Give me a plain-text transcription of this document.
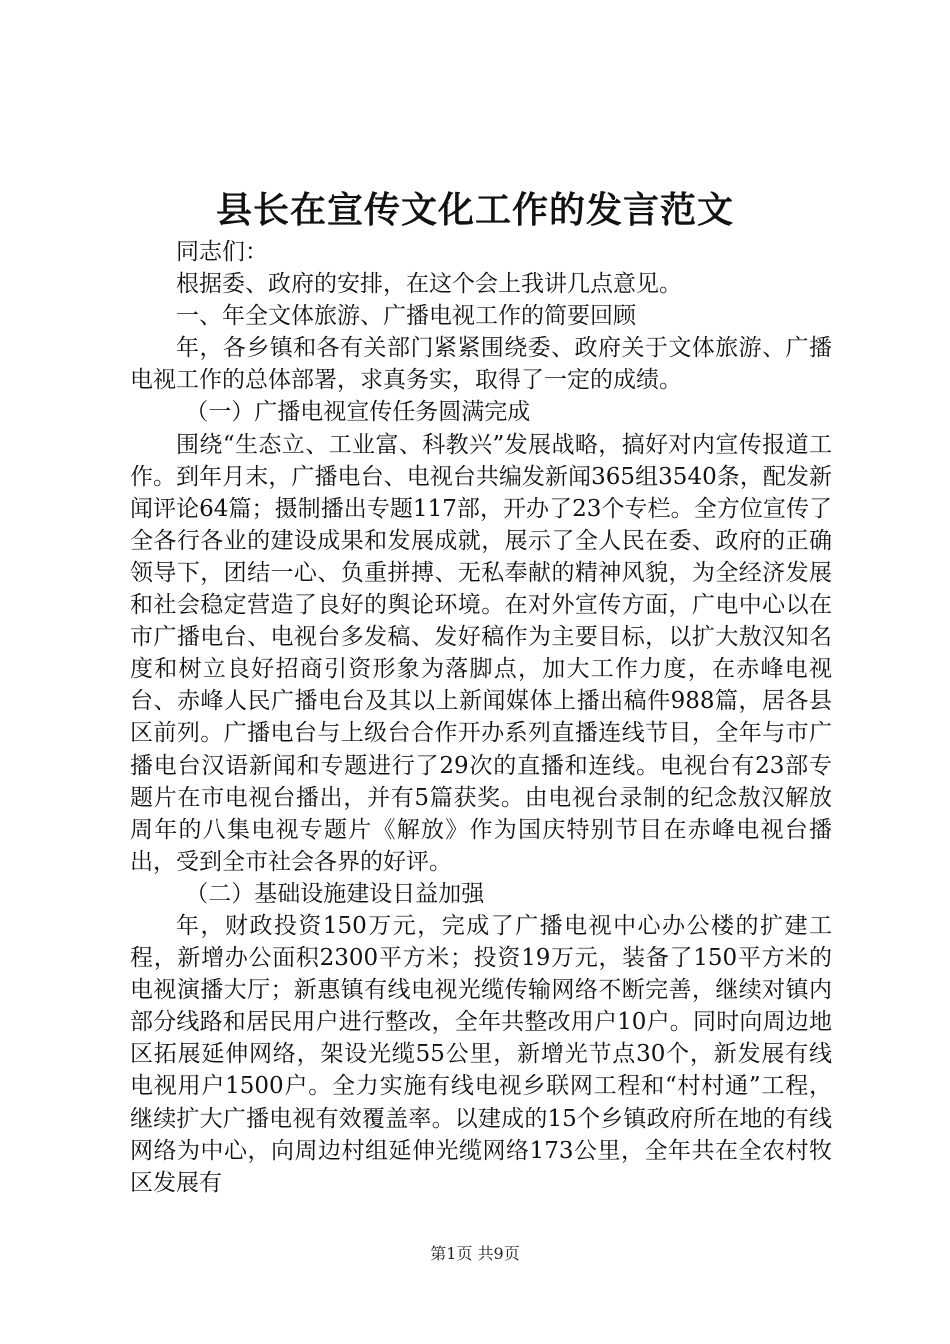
县长在宣传文化工作的发言范文

同志们：

根据委、政府的安排，在这个会上我讲几点意见。

一、年全文体旅游、广播电视工作的简要回顾

年，各乡镇和各有关部门紧紧围绕委、政府关于文体旅游、广播电视工作的总体部署，求真务实，取得了一定的成绩。

（一）广播电视宣传任务圆满完成

围绕“生态立、工业富、科教兴”发展战略，搞好对内宣传报道工作。到年月末，广播电台、电视台共编发新闻365组3540条，配发新闻评论64篇；摄制播出专题117部，开办了23个专栏。全方位宣传了全各行各业的建设成果和发展成就，展示了全人民在委、政府的正确领导下，团结一心、负重拼搏、无私奉献的精神风貌，为全经济发展和社会稳定营造了良好的舆论环境。在对外宣传方面，广电中心以在市广播电台、电视台多发稿、发好稿作为主要目标，以扩大敖汉知名度和树立良好招商引资形象为落脚点，加大工作力度，在赤峰电视台、赤峰人民广播电台及其以上新闻媒体上播出稿件988篇，居各县区前列。广播电台与上级台合作开办系列直播连线节目，全年与市广播电台汉语新闻和专题进行了29次的直播和连线。电视台有23部专题片在市电视台播出，并有5篇获奖。由电视台录制的纪念敖汉解放周年的八集电视专题片《解放》作为国庆特别节目在赤峰电视台播出，受到全市社会各界的好评。

（二）基础设施建设日益加强

年，财政投资150万元，完成了广播电视中心办公楼的扩建工程，新增办公面积2300平方米；投资19万元，装备了150平方米的电视演播大厅；新惠镇有线电视光缆传输网络不断完善，继续对镇内部分线路和居民用户进行整改，全年共整改用户10户。同时向周边地区拓展延伸网络，架设光缆55公里，新增光节点30个，新发展有线电视用户1500户。全力实施有线电视乡联网工程和“村村通”工程，继续扩大广播电视有效覆盖率。以建成的15个乡镇政府所在地的有线网络为中心，向周边村组延伸光缆网络173公里，全年共在全农村牧区发展有

第1页 共9页
